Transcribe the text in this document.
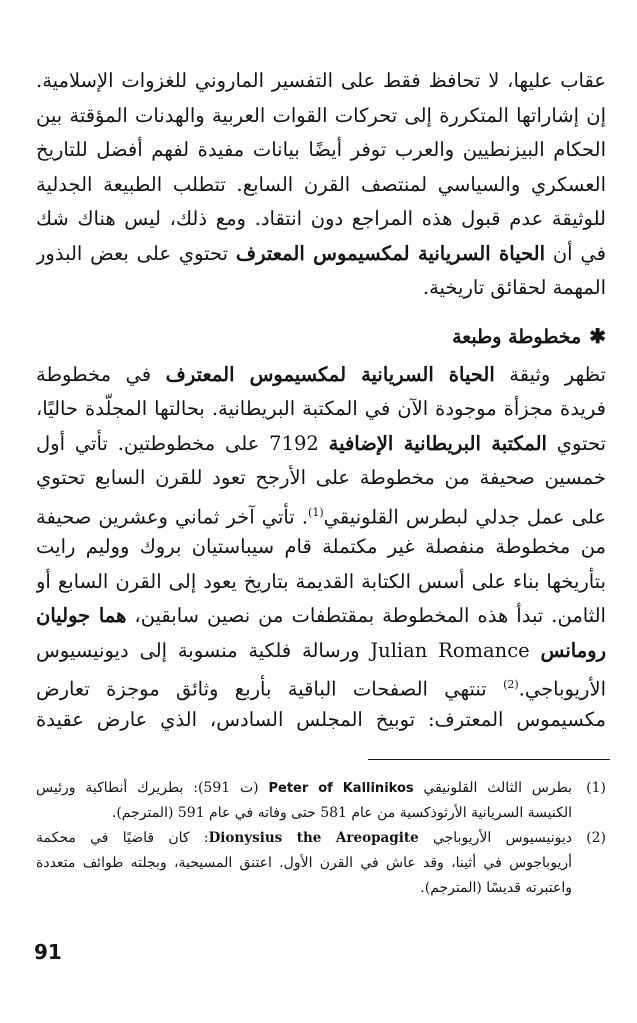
عقاب عليها، لا تحافظ فقط على التفسير الماروني للغزوات الإسلامية.
إن إشاراتها المتكررة إلى تحركات القوات العربية والهدنات المؤقتة بين
الحكام البيزنطيين والعرب توفر أيضًا بيانات مفيدة لفهم أفضل للتاريخ
العسكري والسياسي لمنتصف القرن السابع. تتطلب الطبيعة الجدلية
للوثيقة عدم قبول هذه المراجع دون انتقاد. ومع ذلك، ليس هناك شك
في أن الحياة السريانية لمكسيموس المعترف تحتوي على بعض البذور
المهمة لحقائق تاريخية.
✱مخطوطة وطبعة
تظهر وثيقة الحياة السريانية لمكسيموس المعترف في مخطوطة
فريدة مجزأة موجودة الآن في المكتبة البريطانية. بحالتها المجلّدة حاليًا،
تحتوي المكتبة البريطانية الإضافية 7192 على مخطوطتين. تأتي أول
خمسين صحيفة من مخطوطة على الأرجح تعود للقرن السابع تحتوي
على عمل جدلي لبطرس القلونيقي$^{(1)}$. تأتي آخر ثماني وعشرين صحيفة
من مخطوطة منفصلة غير مكتملة قام سيباستيان بروك ووليم رايت
بتأريخها بناء على أسس الكتابة القديمة بتاريخ يعود إلى القرن السابع أو
الثامن. تبدأ هذه المخطوطة بمقتطفات من نصين سابقين، هما جوليان
رومانس Julian Romance ورسالة فلكية منسوبة إلى ديونيسيوس
الأريوباجي.$^{(2)}$ تنتهي الصفحات الباقية بأربع وثائق موجزة تعارض
مكسيموس المعترف: توبيخ المجلس السادس، الذي عارض عقيدة
(1)
بطرس الثالث القلونيقي Peter of Kallinikos (ت 591): بطريرك أنطاكية ورئيس
الكنيسة السريانية الأرثوذكسية من عام 581 حتى وفاته في عام 591 (المترجم).
(2)
ديونيسيوس الأريوباجي Dionysius the Areopagite: كان قاضيًا في محكمة
أريوباجوس في أثينا، وقد عاش في القرن الأول. اعتنق المسيحية، وبجلته طوائف متعددة
واعتبرته قديسًا (المترجم).
91
